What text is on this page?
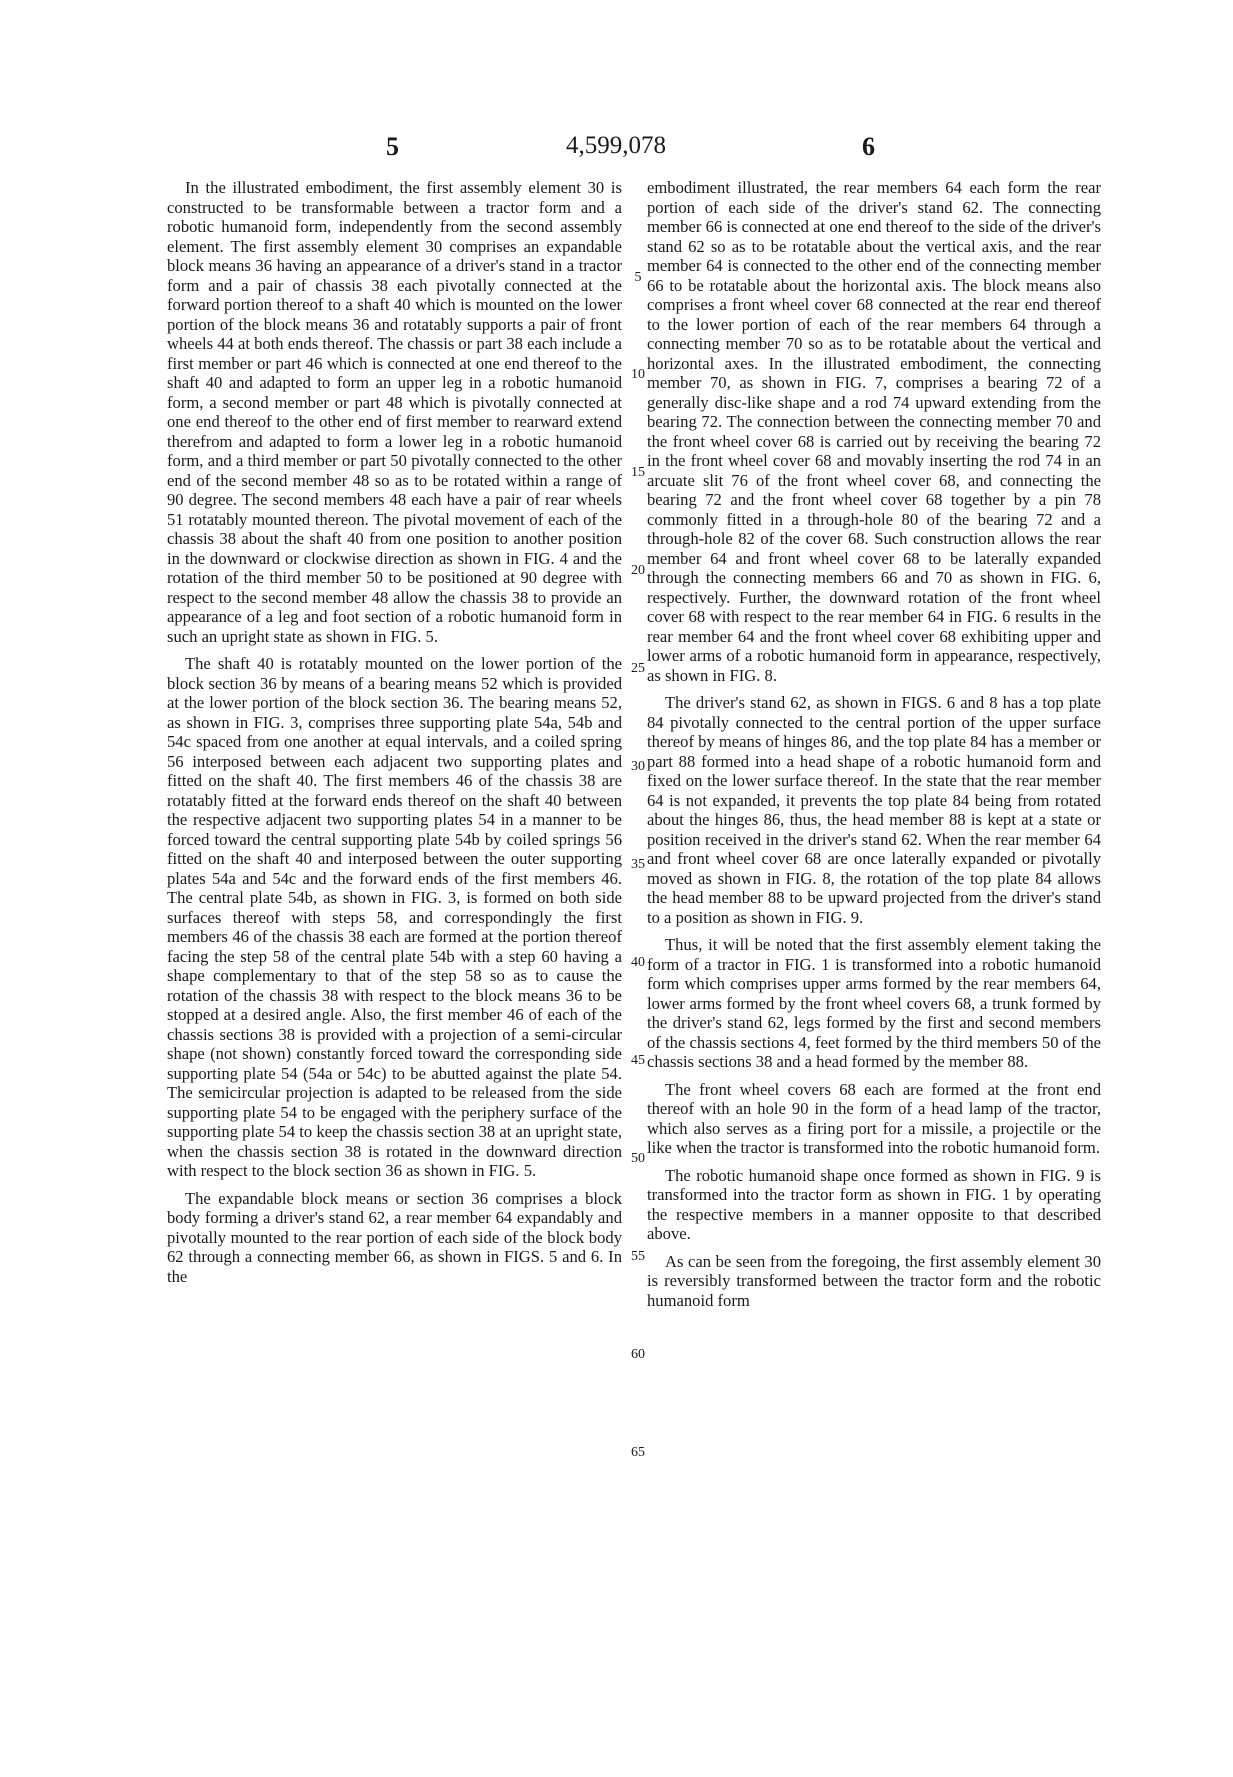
5	4,599,078	6

In the illustrated embodiment, the first assembly element 30 is constructed to be transformable between a tractor form and a robotic humanoid form, independently from the second assembly element. The first assembly element 30 comprises an expandable block means 36 having an appearance of a driver's stand in a tractor form and a pair of chassis 38 each pivotally connected at the forward portion thereof to a shaft 40 which is mounted on the lower portion of the block means 36 and rotatably supports a pair of front wheels 44 at both ends thereof. The chassis or part 38 each include a first member or part 46 which is connected at one end thereof to the shaft 40 and adapted to form an upper leg in a robotic humanoid form, a second member or part 48 which is pivotally connected at one end thereof to the other end of first member to rearward extend therefrom and adapted to form a lower leg in a robotic humanoid form, and a third member or part 50 pivotally connected to the other end of the second member 48 so as to be rotated within a range of 90 degree. The second members 48 each have a pair of rear wheels 51 rotatably mounted thereon. The pivotal movement of each of the chassis 38 about the shaft 40 from one position to another position in the downward or clockwise direction as shown in FIG. 4 and the rotation of the third member 50 to be positioned at 90 degree with respect to the second member 48 allow the chassis 38 to provide an appearance of a leg and foot section of a robotic humanoid form in such an upright state as shown in FIG. 5.

The shaft 40 is rotatably mounted on the lower portion of the block section 36 by means of a bearing means 52 which is provided at the lower portion of the block section 36. The bearing means 52, as shown in FIG. 3, comprises three supporting plate 54a, 54b and 54c spaced from one another at equal intervals, and a coiled spring 56 interposed between each adjacent two supporting plates and fitted on the shaft 40. The first members 46 of the chassis 38 are rotatably fitted at the forward ends thereof on the shaft 40 between the respective adjacent two supporting plates 54 in a manner to be forced toward the central supporting plate 54b by coiled springs 56 fitted on the shaft 40 and interposed between the outer supporting plates 54a and 54c and the forward ends of the first members 46. The central plate 54b, as shown in FIG. 3, is formed on both side surfaces thereof with steps 58, and correspondingly the first members 46 of the chassis 38 each are formed at the portion thereof facing the step 58 of the central plate 54b with a step 60 having a shape complementary to that of the step 58 so as to cause the rotation of the chassis 38 with respect to the block means 36 to be stopped at a desired angle. Also, the first member 46 of each of the chassis sections 38 is provided with a projection of a semi-circular shape (not shown) constantly forced toward the corresponding side supporting plate 54 (54a or 54c) to be abutted against the plate 54. The semicircular projection is adapted to be released from the side supporting plate 54 to be engaged with the periphery surface of the supporting plate 54 to keep the chassis section 38 at an upright state, when the chassis section 38 is rotated in the downward direction with respect to the block section 36 as shown in FIG. 5.

The expandable block means or section 36 comprises a block body forming a driver's stand 62, a rear member 64 expandably and pivotally mounted to the rear portion of each side of the block body 62 through a connecting member 66, as shown in FIGS. 5 and 6. In the

embodiment illustrated, the rear members 64 each form the rear portion of each side of the driver's stand 62. The connecting member 66 is connected at one end thereof to the side of the driver's stand 62 so as to be rotatable about the vertical axis, and the rear member 64 is connected to the other end of the connecting member 66 to be rotatable about the horizontal axis. The block means also comprises a front wheel cover 68 connected at the rear end thereof to the lower portion of each of the rear members 64 through a connecting member 70 so as to be rotatable about the vertical and horizontal axes. In the illustrated embodiment, the connecting member 70, as shown in FIG. 7, comprises a bearing 72 of a generally disc-like shape and a rod 74 upward extending from the bearing 72. The connection between the connecting member 70 and the front wheel cover 68 is carried out by receiving the bearing 72 in the front wheel cover 68 and movably inserting the rod 74 in an arcuate slit 76 of the front wheel cover 68, and connecting the bearing 72 and the front wheel cover 68 together by a pin 78 commonly fitted in a through-hole 80 of the bearing 72 and a through-hole 82 of the cover 68. Such construction allows the rear member 64 and front wheel cover 68 to be laterally expanded through the connecting members 66 and 70 as shown in FIG. 6, respectively. Further, the downward rotation of the front wheel cover 68 with respect to the rear member 64 in FIG. 6 results in the rear member 64 and the front wheel cover 68 exhibiting upper and lower arms of a robotic humanoid form in appearance, respectively, as shown in FIG. 8.

The driver's stand 62, as shown in FIGS. 6 and 8 has a top plate 84 pivotally connected to the central portion of the upper surface thereof by means of hinges 86, and the top plate 84 has a member or part 88 formed into a head shape of a robotic humanoid form and fixed on the lower surface thereof. In the state that the rear member 64 is not expanded, it prevents the top plate 84 being from rotated about the hinges 86, thus, the head member 88 is kept at a state or position received in the driver's stand 62. When the rear member 64 and front wheel cover 68 are once laterally expanded or pivotally moved as shown in FIG. 8, the rotation of the top plate 84 allows the head member 88 to be upward projected from the driver's stand to a position as shown in FIG. 9.

Thus, it will be noted that the first assembly element taking the form of a tractor in FIG. 1 is transformed into a robotic humanoid form which comprises upper arms formed by the rear members 64, lower arms formed by the front wheel covers 68, a trunk formed by the driver's stand 62, legs formed by the first and second members of the chassis sections 4, feet formed by the third members 50 of the chassis sections 38 and a head formed by the member 88.

The front wheel covers 68 each are formed at the front end thereof with an hole 90 in the form of a head lamp of the tractor, which also serves as a firing port for a missile, a projectile or the like when the tractor is transformed into the robotic humanoid form.

The robotic humanoid shape once formed as shown in FIG. 9 is transformed into the tractor form as shown in FIG. 1 by operating the respective members in a manner opposite to that described above.

As can be seen from the foregoing, the first assembly element 30 is reversibly transformed between the tractor form and the robotic humanoid form

5
10
15
20
25
30
35
40
45
50
55
60
65
